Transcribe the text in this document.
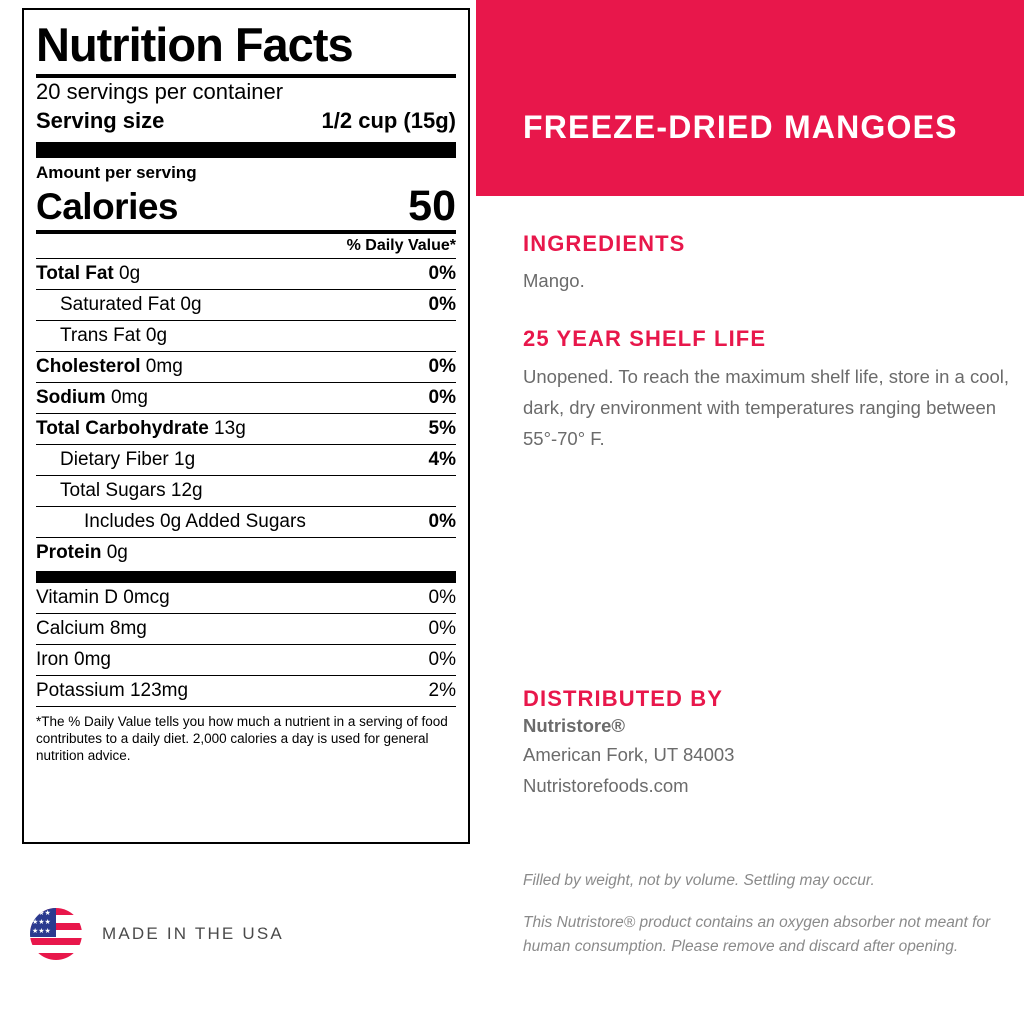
Nutrition Facts
20 servings per container
Serving size	1/2 cup (15g)
Amount per serving
Calories	50
% Daily Value*
Total Fat 0g	0%
Saturated Fat 0g	0%
Trans Fat 0g
Cholesterol 0mg	0%
Sodium 0mg	0%
Total Carbohydrate 13g	5%
Dietary Fiber 1g	4%
Total Sugars 12g
Includes 0g Added Sugars	0%
Protein 0g
Vitamin D 0mcg	0%
Calcium 8mg	0%
Iron 0mg	0%
Potassium 123mg	2%
*The % Daily Value tells you how much a nutrient in a serving of food contributes to a daily diet. 2,000 calories a day is used for general nutrition advice.
FREEZE-DRIED MANGOES
INGREDIENTS
Mango.
25 YEAR SHELF LIFE
Unopened. To reach the maximum shelf life, store in a cool, dark, dry environment with temperatures ranging between 55°-70° F.
DISTRIBUTED BY
Nutristore®
American Fork, UT 84003
Nutristorefoods.com
Filled by weight, not by volume. Settling may occur.
This Nutristore® product contains an oxygen absorber not meant for human consumption. Please remove and discard after opening.
★★★ ★★★ ★★★
MADE IN THE USA
